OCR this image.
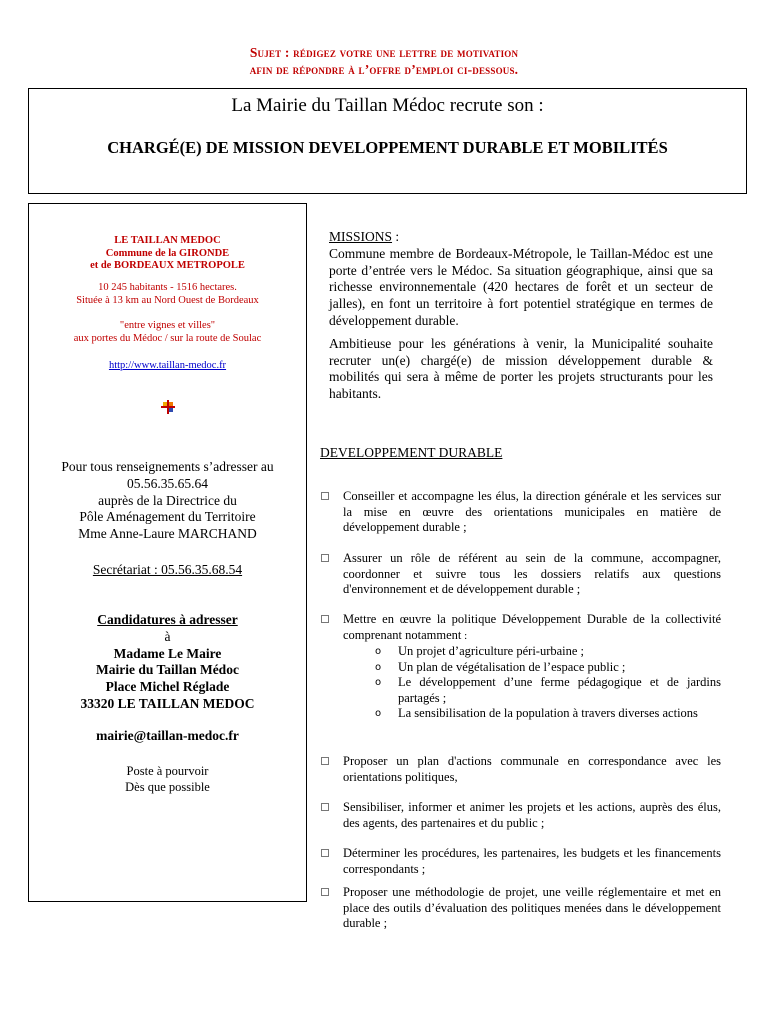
Sujet : rédigez votre une lettre de motivation
afin de répondre à l’offre d’emploi ci-dessous.
La Mairie du Taillan Médoc recrute son :
CHARGÉ(E) DE MISSION DEVELOPPEMENT DURABLE ET MOBILITÉS
LE TAILLAN MEDOC
Commune de la GIRONDE
et de BORDEAUX METROPOLE
10 245 habitants - 1516 hectares.
Située à 13 km au Nord Ouest de Bordeaux
"entre vignes et villes"
aux portes du Médoc / sur la route de Soulac
http://www.taillan-medoc.fr
Pour tous renseignements s’adresser au
05.56.35.65.64
auprès de la Directrice du
Pôle Aménagement du Territoire
Mme Anne-Laure MARCHAND
Secrétariat : 05.56.35.68.54
Candidatures à adresser
à
Madame Le Maire
Mairie du Taillan Médoc
Place Michel Réglade
33320 LE TAILLAN MEDOC
mairie@taillan-medoc.fr
Poste à pourvoir
Dès que possible

MISSIONS :

Commune membre de Bordeaux-Métropole, le Taillan-Médoc est une porte d’entrée vers le Médoc. Sa situation géographique, ainsi que sa richesse environnementale (420 hectares de forêt et un secteur de jalles), en font un territoire à fort potentiel stratégique en termes de développement durable.

Ambitieuse pour les générations à venir, la Municipalité souhaite recruter un(e) chargé(e) de mission développement durable & mobilités qui sera à même de porter les projets structurants pour les habitants.

DEVELOPPEMENT DURABLE
Conseiller et accompagne les élus, la direction générale et les services sur la mise en œuvre des orientations municipales en matière de développement durable ;
Assurer un rôle de référent au sein de la commune, accompagner, coordonner et suivre tous les dossiers relatifs aux questions d'environnement et de développement durable ;
Mettre en œuvre la politique Développement Durable de la collectivité comprenant notamment :
o Un projet d’agriculture péri-urbaine ;
o Un plan de végétalisation de l’espace public ;
o Le développement d’une ferme pédagogique et de jardins partagés ;
o La sensibilisation de la population à travers diverses actions
Proposer un plan d'actions communale en correspondance avec les orientations politiques,
Sensibiliser, informer et animer les projets et les actions, auprès des élus, des agents, des partenaires et du public ;
Déterminer les procédures, les partenaires, les budgets et les financements correspondants ;
Proposer une méthodologie de projet, une veille réglementaire et met en place des outils d’évaluation des politiques menées dans le développement durable ;
